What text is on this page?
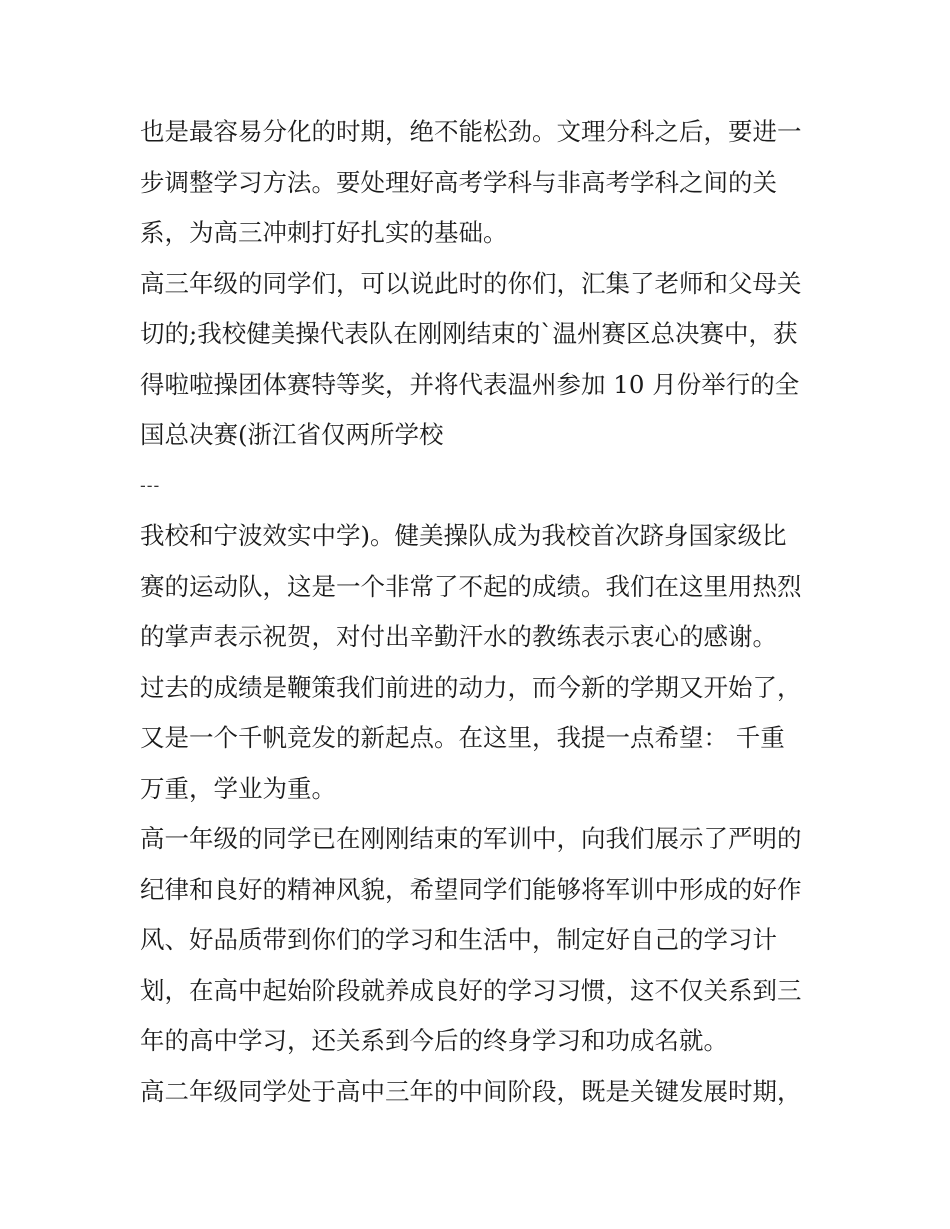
也是最容易分化的时期，绝不能松劲。文理分科之后，要进一
步调整学习方法。要处理好高考学科与非高考学科之间的关
系，为高三冲刺打好扎实的基础。
高三年级的同学们，可以说此时的你们，汇集了老师和父母关
切的;我校健美操代表队在刚刚结束的`温州赛区总决赛中，获
得啦啦操团体赛特等奖，并将代表温州参加 10 月份举行的全
国总决赛(浙江省仅两所学校
---
我校和宁波效实中学)。健美操队成为我校首次跻身国家级比
赛的运动队，这是一个非常了不起的成绩。我们在这里用热烈
的掌声表示祝贺，对付出辛勤汗水的教练表示衷心的感谢。
过去的成绩是鞭策我们前进的动力，而今新的学期又开始了，
又是一个千帆竞发的新起点。在这里，我提一点希望： 千重
万重，学业为重。
高一年级的同学已在刚刚结束的军训中，向我们展示了严明的
纪律和良好的精神风貌，希望同学们能够将军训中形成的好作
风、好品质带到你们的学习和生活中，制定好自己的学习计
划，在高中起始阶段就养成良好的学习习惯，这不仅关系到三
年的高中学习，还关系到今后的终身学习和功成名就。
高二年级同学处于高中三年的中间阶段，既是关键发展时期，
